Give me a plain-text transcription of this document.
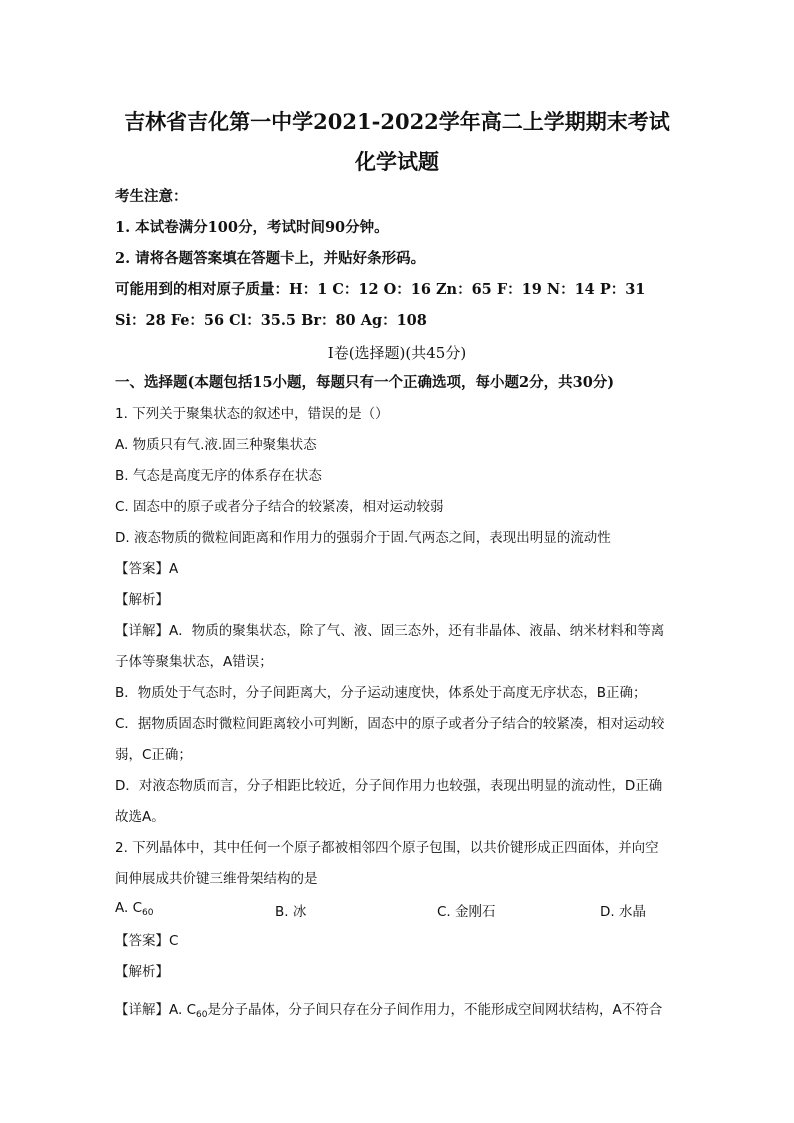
吉林省吉化第一中学2021-2022学年高二上学期期末考试
化学试题
考生注意：
1. 本试卷满分100分，考试时间90分钟。
2. 请将各题答案填在答题卡上，并贴好条形码。
可能用到的相对原子质量：H：1 C：12 O：16 Zn：65 F：19 N：14 P：31
Si：28 Fe：56 Cl：35.5 Br：80 Ag：108
I卷(选择题)(共45分)
一、选择题(本题包括15小题，每题只有一个正确选项，每小题2分，共30分)
1. 下列关于聚集状态的叙述中，错误的是（）
A. 物质只有气.液.固三种聚集状态
B. 气态是高度无序的体系存在状态
C. 固态中的原子或者分子结合的较紧凑，相对运动较弱
D. 液态物质的微粒间距离和作用力的强弱介于固.气两态之间，表现出明显的流动性
【答案】A
【解析】
【详解】A．物质的聚集状态，除了气、液、固三态外，还有非晶体、液晶、纳米材料和等离
子体等聚集状态，A错误；
B．物质处于气态时，分子间距离大，分子运动速度快，体系处于高度无序状态，B正确；
C．据物质固态时微粒间距离较小可判断，固态中的原子或者分子结合的较紧凑，相对运动较
弱，C正确；
D．对液态物质而言，分子相距比较近，分子间作用力也较强，表现出明显的流动性，D正确
故选A。
2. 下列晶体中，其中任何一个原子都被相邻四个原子包围，以共价键形成正四面体，并向空
间伸展成共价键三维骨架结构的是
A. $C_{60}$	B. 冰	C. 金刚石	D. 水晶
【答案】C
【解析】
【详解】A. $C_{60}$是分子晶体，分子间只存在分子间作用力，不能形成空间网状结构，A不符合
